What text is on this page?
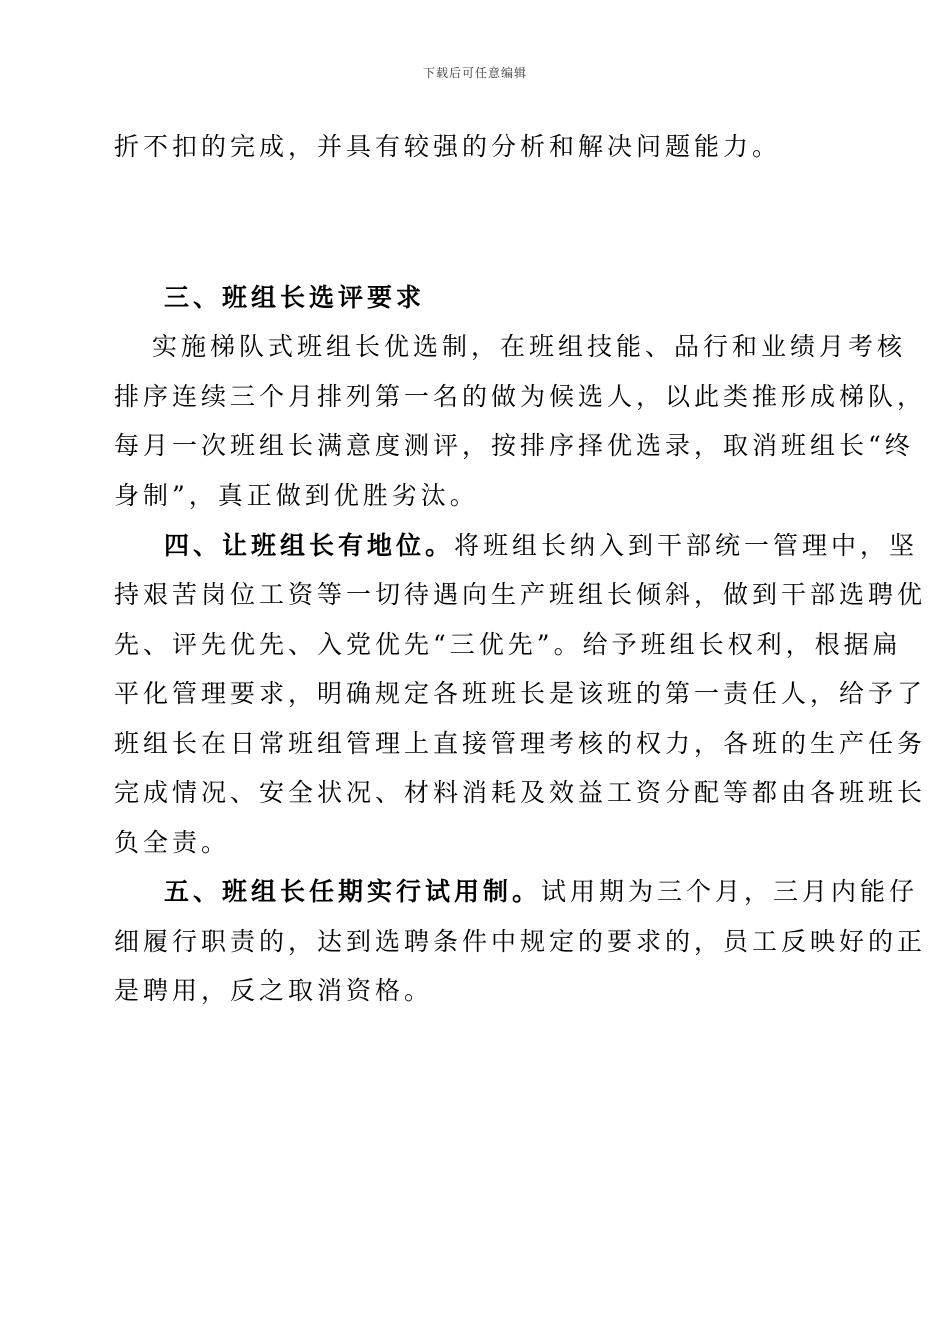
下载后可任意编辑
折不扣的完成，并具有较强的分析和解决问题能力。
三、班组长选评要求
实施梯队式班组长优选制，在班组技能、品行和业绩月考核
排序连续三个月排列第一名的做为候选人，以此类推形成梯队，
每月一次班组长满意度测评，按排序择优选录，取消班组长“终
身制”，真正做到优胜劣汰。
四、让班组长有地位。将班组长纳入到干部统一管理中，坚
持艰苦岗位工资等一切待遇向生产班组长倾斜，做到干部选聘优
先、评先优先、入党优先“三优先”。给予班组长权利，根据扁
平化管理要求，明确规定各班班长是该班的第一责任人，给予了
班组长在日常班组管理上直接管理考核的权力，各班的生产任务
完成情况、安全状况、材料消耗及效益工资分配等都由各班班长
负全责。
五、班组长任期实行试用制。试用期为三个月，三月内能仔
细履行职责的，达到选聘条件中规定的要求的，员工反映好的正
是聘用，反之取消资格。
